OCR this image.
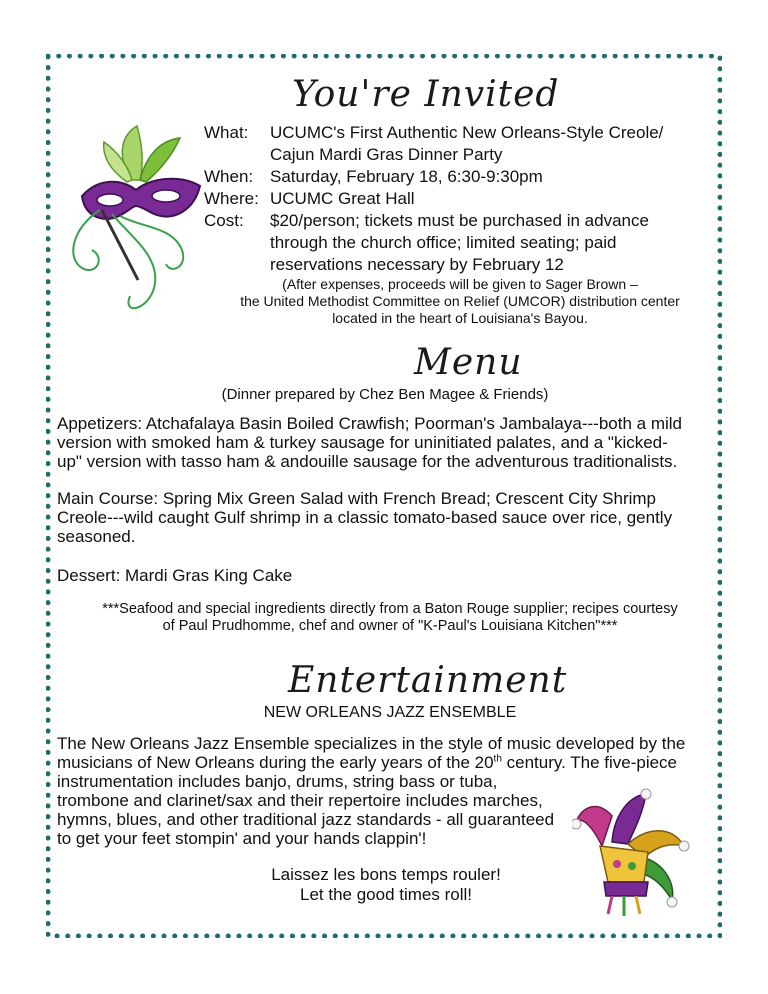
You're Invited
What:	UCUMC's First Authentic New Orleans-Style Creole/
Cajun Mardi Gras Dinner Party
When: Saturday, February 18, 6:30-9:30pm
Where: UCUMC Great Hall
Cost:	$20/person; tickets must be purchased in advance
through the church office; limited seating; paid
reservations necessary by February 12
(After expenses, proceeds will be given to Sager Brown –
the United Methodist Committee on Relief (UMCOR) distribution center
located in the heart of Louisiana's Bayou.
Menu
(Dinner prepared by Chez Ben Magee & Friends)
Appetizers: Atchafalaya Basin Boiled Crawfish; Poorman's Jambalaya---both a mild
version with smoked ham & turkey sausage for uninitiated palates, and a "kicked-
up" version with tasso ham & andouille sausage for the adventurous traditionalists.
Main Course: Spring Mix Green Salad with French Bread; Crescent City Shrimp
Creole---wild caught Gulf shrimp in a classic tomato-based sauce over rice, gently
seasoned.
Dessert: Mardi Gras King Cake
***Seafood and special ingredients directly from a Baton Rouge supplier; recipes courtesy
of Paul Prudhomme, chef and owner of "K-Paul's Louisiana Kitchen"***
Entertainment
NEW ORLEANS JAZZ ENSEMBLE
The New Orleans Jazz Ensemble specializes in the style of music developed by the
musicians of New Orleans during the early years of the 20th century. The five-piece
instrumentation includes banjo, drums, string bass or tuba,
trombone and clarinet/sax and their repertoire includes marches,
hymns, blues, and other traditional jazz standards - all guaranteed
to get your feet stompin' and your hands clappin'!
Laissez les bons temps rouler!
Let the good times roll!
